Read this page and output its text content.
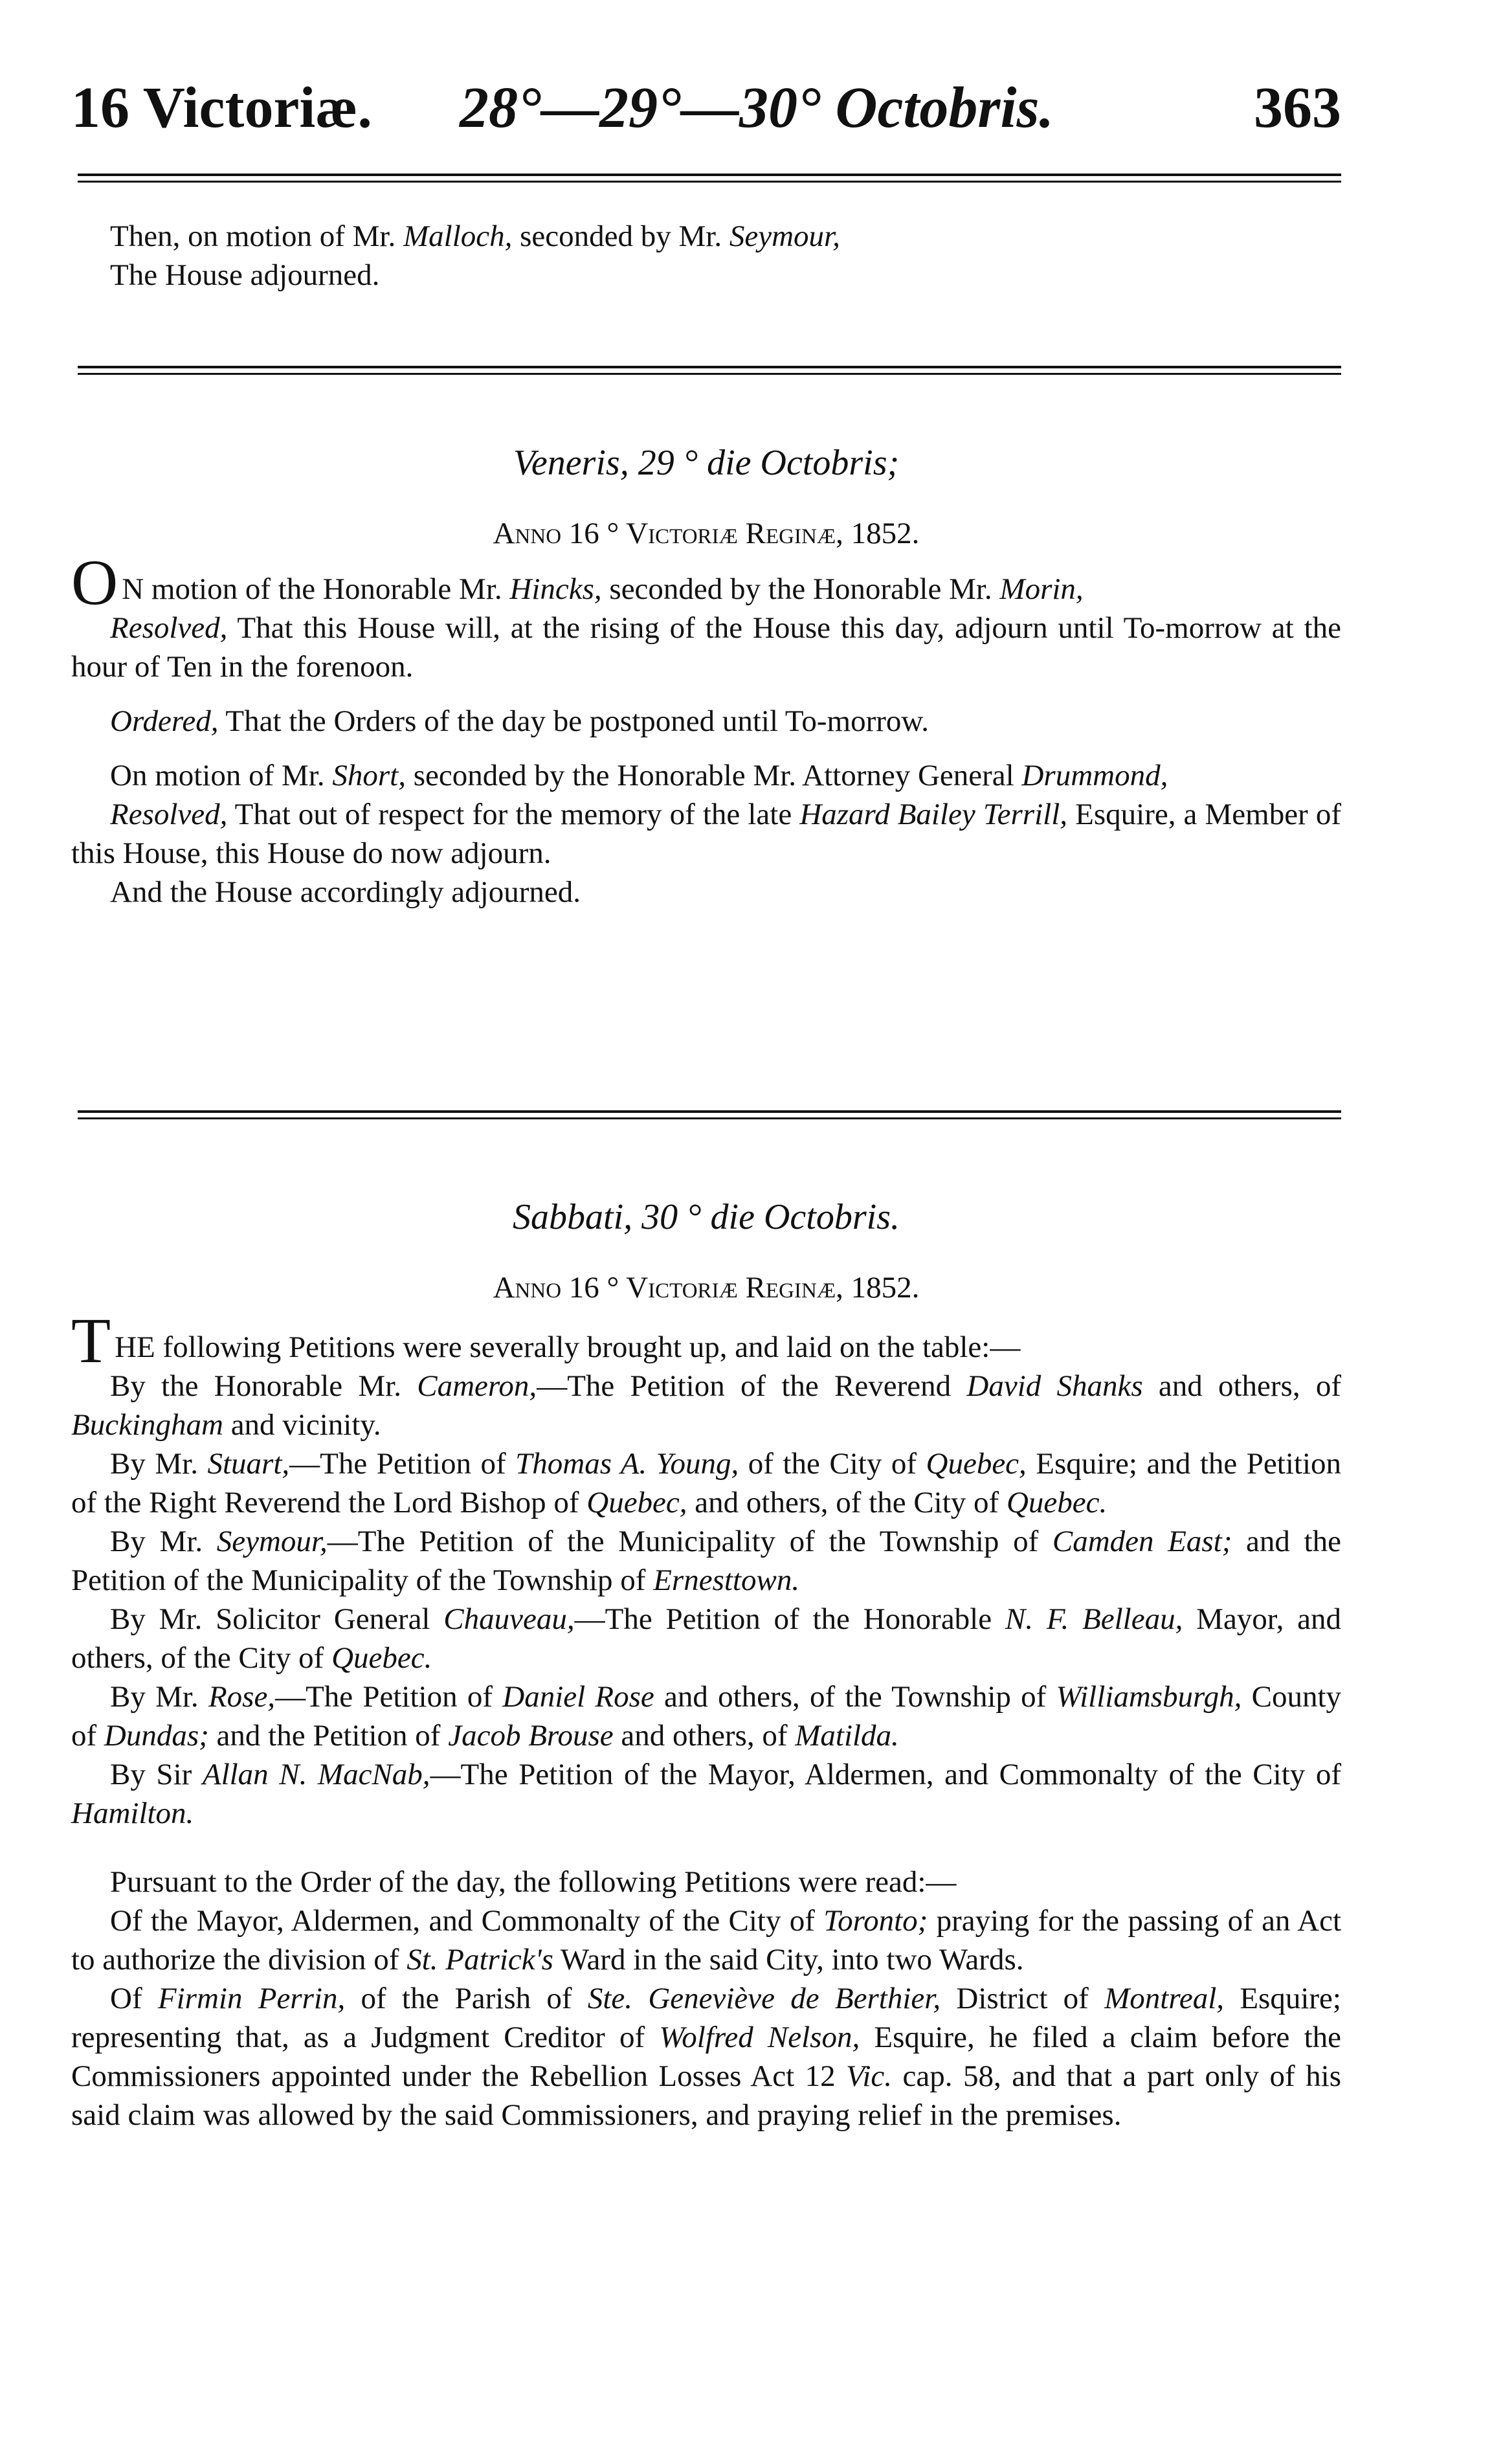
16 Victoriæ. 28°—29°—30° Octobris.	363

Then, on motion of Mr. Malloch, seconded by Mr. Seymour,

The House adjourned.

Veneris, 29 ° die Octobris;

Anno 16 ° Victoriæ Reginæ, 1852.

O N motion of the Honorable Mr. Hincks, seconded by the Honorable Mr. Morin,
Resolved, That this House will, at the rising of the House this day, adjourn until To-morrow at the hour of Ten in the forenoon.

Ordered, That the Orders of the day be postponed until To-morrow.

On motion of Mr. Short, seconded by the Honorable Mr. Attorney General Drummond,
Resolved, That out of respect for the memory of the late Hazard Bailey Terrill, Esquire, a Member of this House, this House do now adjourn.

And the House accordingly adjourned.

Sabbati, 30 ° die Octobris.

Anno 16 ° Victoriæ Reginæ, 1852.

THE following Petitions were severally brought up, and laid on the table:—

By the Honorable Mr. Cameron,—The Petition of the Reverend David Shanks and others, of Buckingham and vicinity.

By Mr. Stuart,—The Petition of Thomas A. Young, of the City of Quebec, Esquire; and the Petition of the Right Reverend the Lord Bishop of Quebec, and others, of the City of Quebec.

By Mr. Seymour,—The Petition of the Municipality of the Township of Camden East; and the Petition of the Municipality of the Township of Ernesttown.

By Mr. Solicitor General Chauveau,—The Petition of the Honorable N. F. Belleau, Mayor, and others, of the City of Quebec.

By Mr. Rose,—The Petition of Daniel Rose and others, of the Township of Williamsburgh, County of Dundas; and the Petition of Jacob Brouse and others, of Matilda.

By Sir Allan N. MacNab,—The Petition of the Mayor, Aldermen, and Commonalty of the City of Hamilton.

Pursuant to the Order of the day, the following Petitions were read:—

Of the Mayor, Aldermen, and Commonalty of the City of Toronto; praying for the passing of an Act to authorize the division of St. Patrick's Ward in the said City, into two Wards.

Of Firmin Perrin, of the Parish of Ste. Geneviève de Berthier, District of Montreal, Esquire; representing that, as a Judgment Creditor of Wolfred Nelson, Esquire, he filed a claim before the Commissioners appointed under the Rebellion Losses Act 12 Vic. cap. 58, and that a part only of his said claim was allowed by the said Commissioners, and praying relief in the premises.
